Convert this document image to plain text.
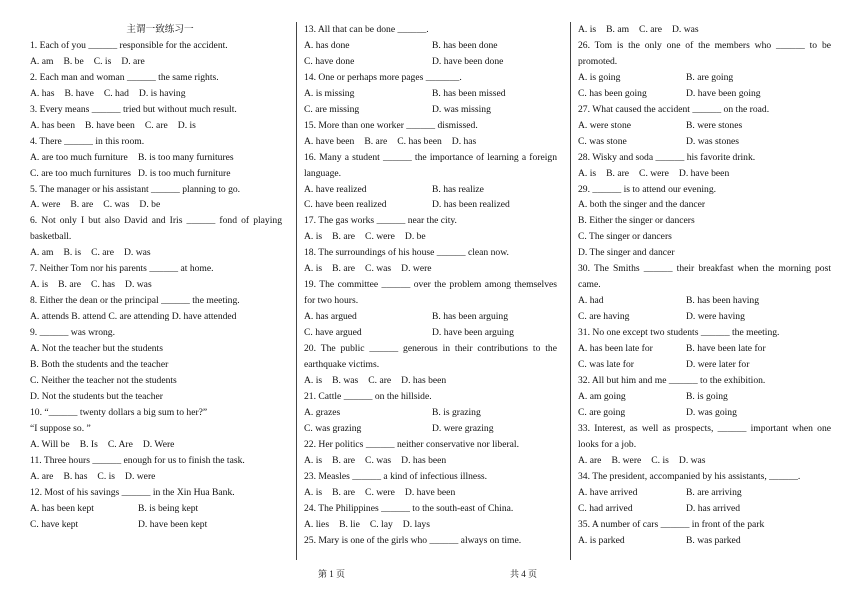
主谓一致练习一

1. Each of you ______ responsible for the accident.

A. am B. be C. is D. are

2. Each man and woman ______ the same rights.

A. has B. have C. had D. is having

3. Every means ______ tried but without much result.

A. has been B. have been C. are D. is

4. There ______ in this room.

A. are too much furniture	B. is too many furnitures

C. are too much furnitures D. is too much furniture

5. The manager or his assistant ______ planning to go.

A. were B. are C. was D. be

6. Not only I but also David and Iris ______ fond of playing basketball.

A. am B. is C. are D. was

7. Neither Tom nor his parents ______ at home.

A. is B. are C. has D. was

8. Either the dean or the principal ______ the meeting.

A. attends B. attend C. are attending D. have attended

9. ______ was wrong.

A. Not the teacher but the students

B. Both the students and the teacher

C. Neither the teacher not the students

D. Not the students but the teacher

10. “______ twenty dollars a big sum to her?”

“I suppose so. ”

A. Will be B. Is C. Are D. Were

11. Three hours ______ enough for us to finish the task.

A. are B. has C. is D. were

12. Most of his savings ______ in the Xin Hua Bank.

A. has been kept	B. is being kept

C. have kept	D. have been kept

13. All that can be done ______.

A. has done	B. has been done

C. have done	D. have been done

14. One or perhaps more pages _______.

A. is missing	B. has been missed

C. are missing	D. was missing

15. More than one worker ______ dismissed.

A. have been B. are C. has been D. has

16. Many a student ______ the importance of learning a foreign language.

A. have realized	B. has realize

C. have been realized	D. has been realized

17. The gas works ______ near the city.

A. is B. are C. were D. be

18. The surroundings of his house ______ clean now.

A. is B. are C. was D. were

19. The committee ______ over the problem among themselves for two hours.

A. has argued	B. has been arguing

C. have argued	D. have been arguing

20. The public ______ generous in their contributions to the earthquake victims.

A. is B. was C. are D. has been

21. Cattle ______ on the hillside.

A. grazes	B. is grazing

C. was grazing	D. were grazing

22. Her politics ______ neither conservative nor liberal.

A. is B. are C. was D. has been

23. Measles ______ a kind of infectious illness.

A. is B. are C. were D. have been

24. The Philippines ______ to the south-east of China.

A. lies B. lie C. lay D. lays

25. Mary is one of the girls who ______ always on time.

A. is B. am C. are D. was

26. Tom is the only one of the members who ______ to be promoted.

A. is going	B. are going

C. has been going	D. have been going

27. What caused the accident ______ on the road.

A. were stone	B. were stones

C. was stone	D. was stones

28. Wisky and soda ______ his favorite drink.

A. is B. are C. were D. have been

29. ______ is to attend our evening.

A. both the singer and the dancer

B. Either the singer or dancers

C. The singer or dancers

D. The singer and dancer

30. The Smiths ______ their breakfast when the morning post came.

A. had	B. has been having

C. are having	D. were having

31. No one except two students ______ the meeting.

A. has been late for	B. have been late for

C. was late for	D. were later for

32. All but him and me ______ to the exhibition.

A. am going	B. is going

C. are going	D. was going

33. Interest, as well as prospects, ______ important when one looks for a job.

A. are B. were C. is D. was

34. The president, accompanied by his assistants, ______.

A. have arrived	B. are arriving

C. had arrived	D. has arrived

35. A number of cars ______ in front of the park

A. is parked	B. was parked

第 1 页	共 4 页
